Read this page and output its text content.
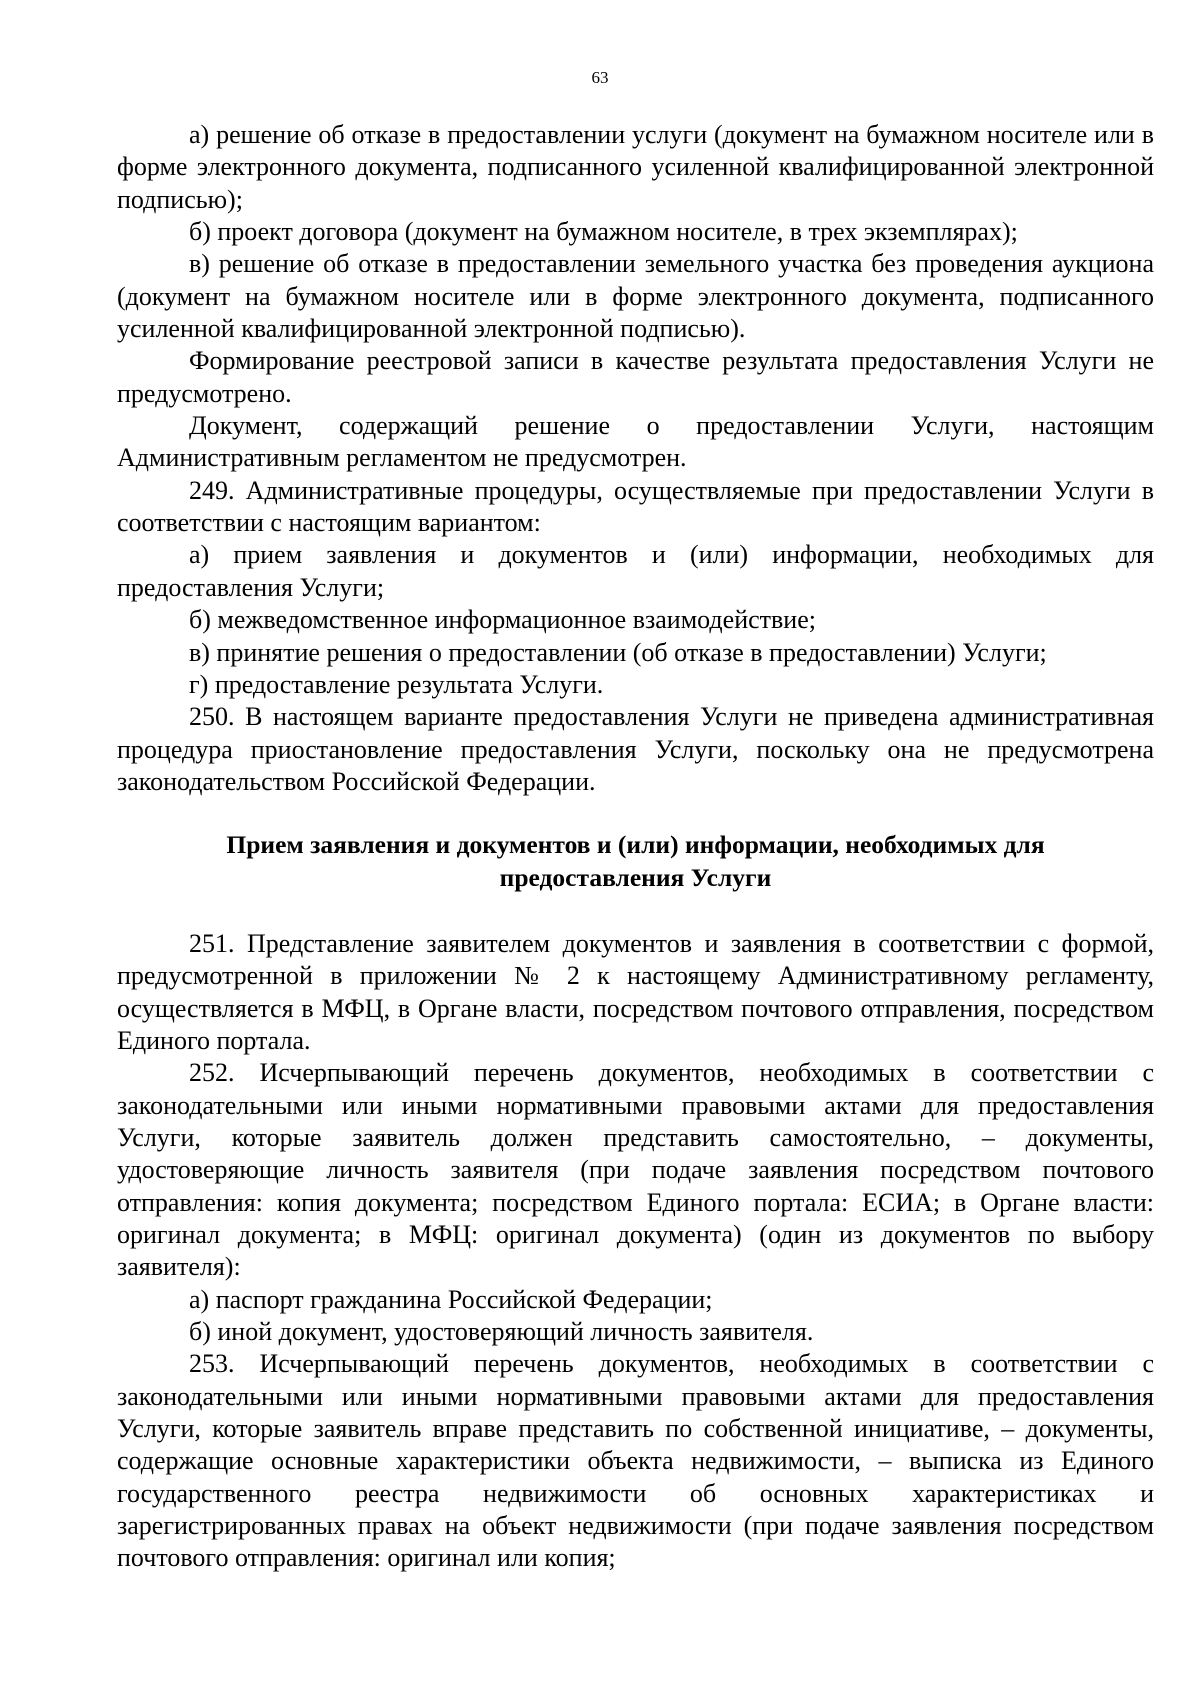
63

а) решение об отказе в предоставлении услуги (документ на бумажном носителе или в форме электронного документа, подписанного усиленной квалифицированной электронной подписью);

б) проект договора (документ на бумажном носителе, в трех экземплярах);

в) решение об отказе в предоставлении земельного участка без проведения аукциона (документ на бумажном носителе или в форме электронного документа, подписанного усиленной квалифицированной электронной подписью).

Формирование реестровой записи в качестве результата предоставления Услуги не предусмотрено.

Документ, содержащий решение о предоставлении Услуги, настоящим Административным регламентом не предусмотрен.

249. Административные процедуры, осуществляемые при предоставлении Услуги в соответствии с настоящим вариантом:

а) прием заявления и документов и (или) информации, необходимых для предоставления Услуги;

б) межведомственное информационное взаимодействие;

в) принятие решения о предоставлении (об отказе в предоставлении) Услуги;

г) предоставление результата Услуги.

250. В настоящем варианте предоставления Услуги не приведена административная процедура приостановление предоставления Услуги, поскольку она не предусмотрена законодательством Российской Федерации.

Прием заявления и документов и (или) информации, необходимых для
предоставления Услуги

251. Представление заявителем документов и заявления в соответствии с формой, предусмотренной в приложении № 2 к настоящему Административному регламенту, осуществляется в МФЦ, в Органе власти, посредством почтового отправления, посредством Единого портала.

252. Исчерпывающий перечень документов, необходимых в соответствии с законодательными или иными нормативными правовыми актами для предоставления Услуги, которые заявитель должен представить самостоятельно, – документы, удостоверяющие личность заявителя (при подаче заявления посредством почтового отправления: копия документа; посредством Единого портала: ЕСИА; в Органе власти: оригинал документа; в МФЦ: оригинал документа) (один из документов по выбору заявителя):

а) паспорт гражданина Российской Федерации;

б) иной документ, удостоверяющий личность заявителя.

253. Исчерпывающий перечень документов, необходимых в соответствии с законодательными или иными нормативными правовыми актами для предоставления Услуги, которые заявитель вправе представить по собственной инициативе, – документы, содержащие основные характеристики объекта недвижимости, – выписка из Единого государственного реестра недвижимости об основных характеристиках и зарегистрированных правах на объект недвижимости (при подаче заявления посредством почтового отправления: оригинал или копия;
